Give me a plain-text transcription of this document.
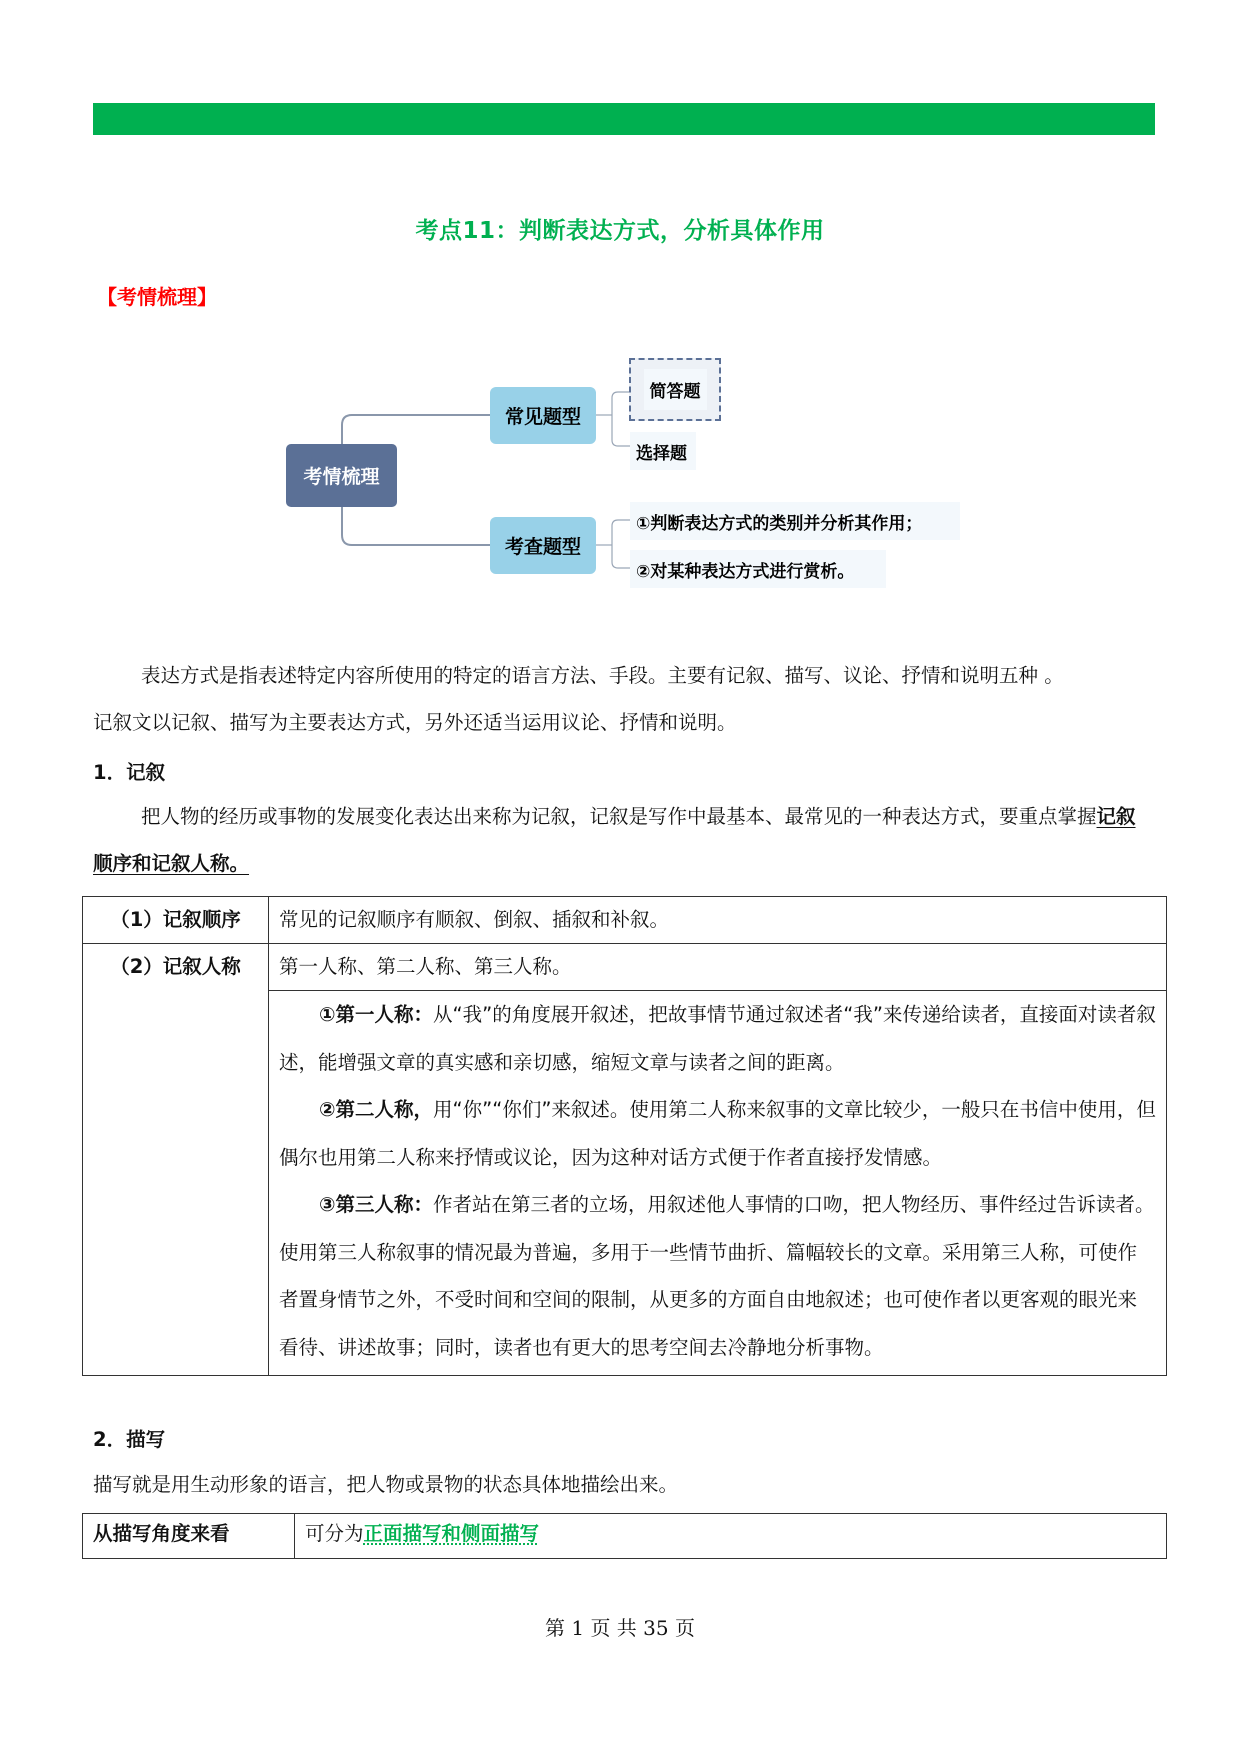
考点11：判断表达方式，分析具体作用
【考情梳理】
考情梳理
常见题型
考查题型
简答题
选择题
①判断表达方式的类别并分析其作用；
②对某种表达方式进行赏析。
表达方式是指表述特定内容所使用的特定的语言方法、手段。主要有记叙、描写、议论、抒情和说明五种 。
记叙文以记叙、描写为主要表达方式，另外还适当运用议论、抒情和说明。
1．记叙
把人物的经历或事物的发展变化表达出来称为记叙，记叙是写作中最基本、最常见的一种表达方式，要重点掌握记叙顺序和记叙人称。
（1）记叙顺序	常见的记叙顺序有顺叙、倒叙、插叙和补叙。
（2）记叙人称	第一人称、第二人称、第三人称。

	①第一人称：从“我”的角度展开叙述，把故事情节通过叙述者“我”来传递给读者，直接面对读者叙述，能增强文章的真实感和亲切感，缩短文章与读者之间的距离。

②第二人称，用“你”“你们”来叙述。使用第二人称来叙事的文章比较少，一般只在书信中使用，但偶尔也用第二人称来抒情或议论，因为这种对话方式便于作者直接抒发情感。

③第三人称：作者站在第三者的立场，用叙述他人事情的口吻，把人物经历、事件经过告诉读者。使用第三人称叙事的情况最为普遍，多用于一些情节曲折、篇幅较长的文章。采用第三人称，可使作者置身情节之外，不受时间和空间的限制，从更多的方面自由地叙述；也可使作者以更客观的眼光来看待、讲述故事；同时，读者也有更大的思考空间去冷静地分析事物。

2．描写
描写就是用生动形象的语言，把人物或景物的状态具体地描绘出来。
从描写角度来看	可分为正面描写和侧面描写
第 1 页 共 35 页
